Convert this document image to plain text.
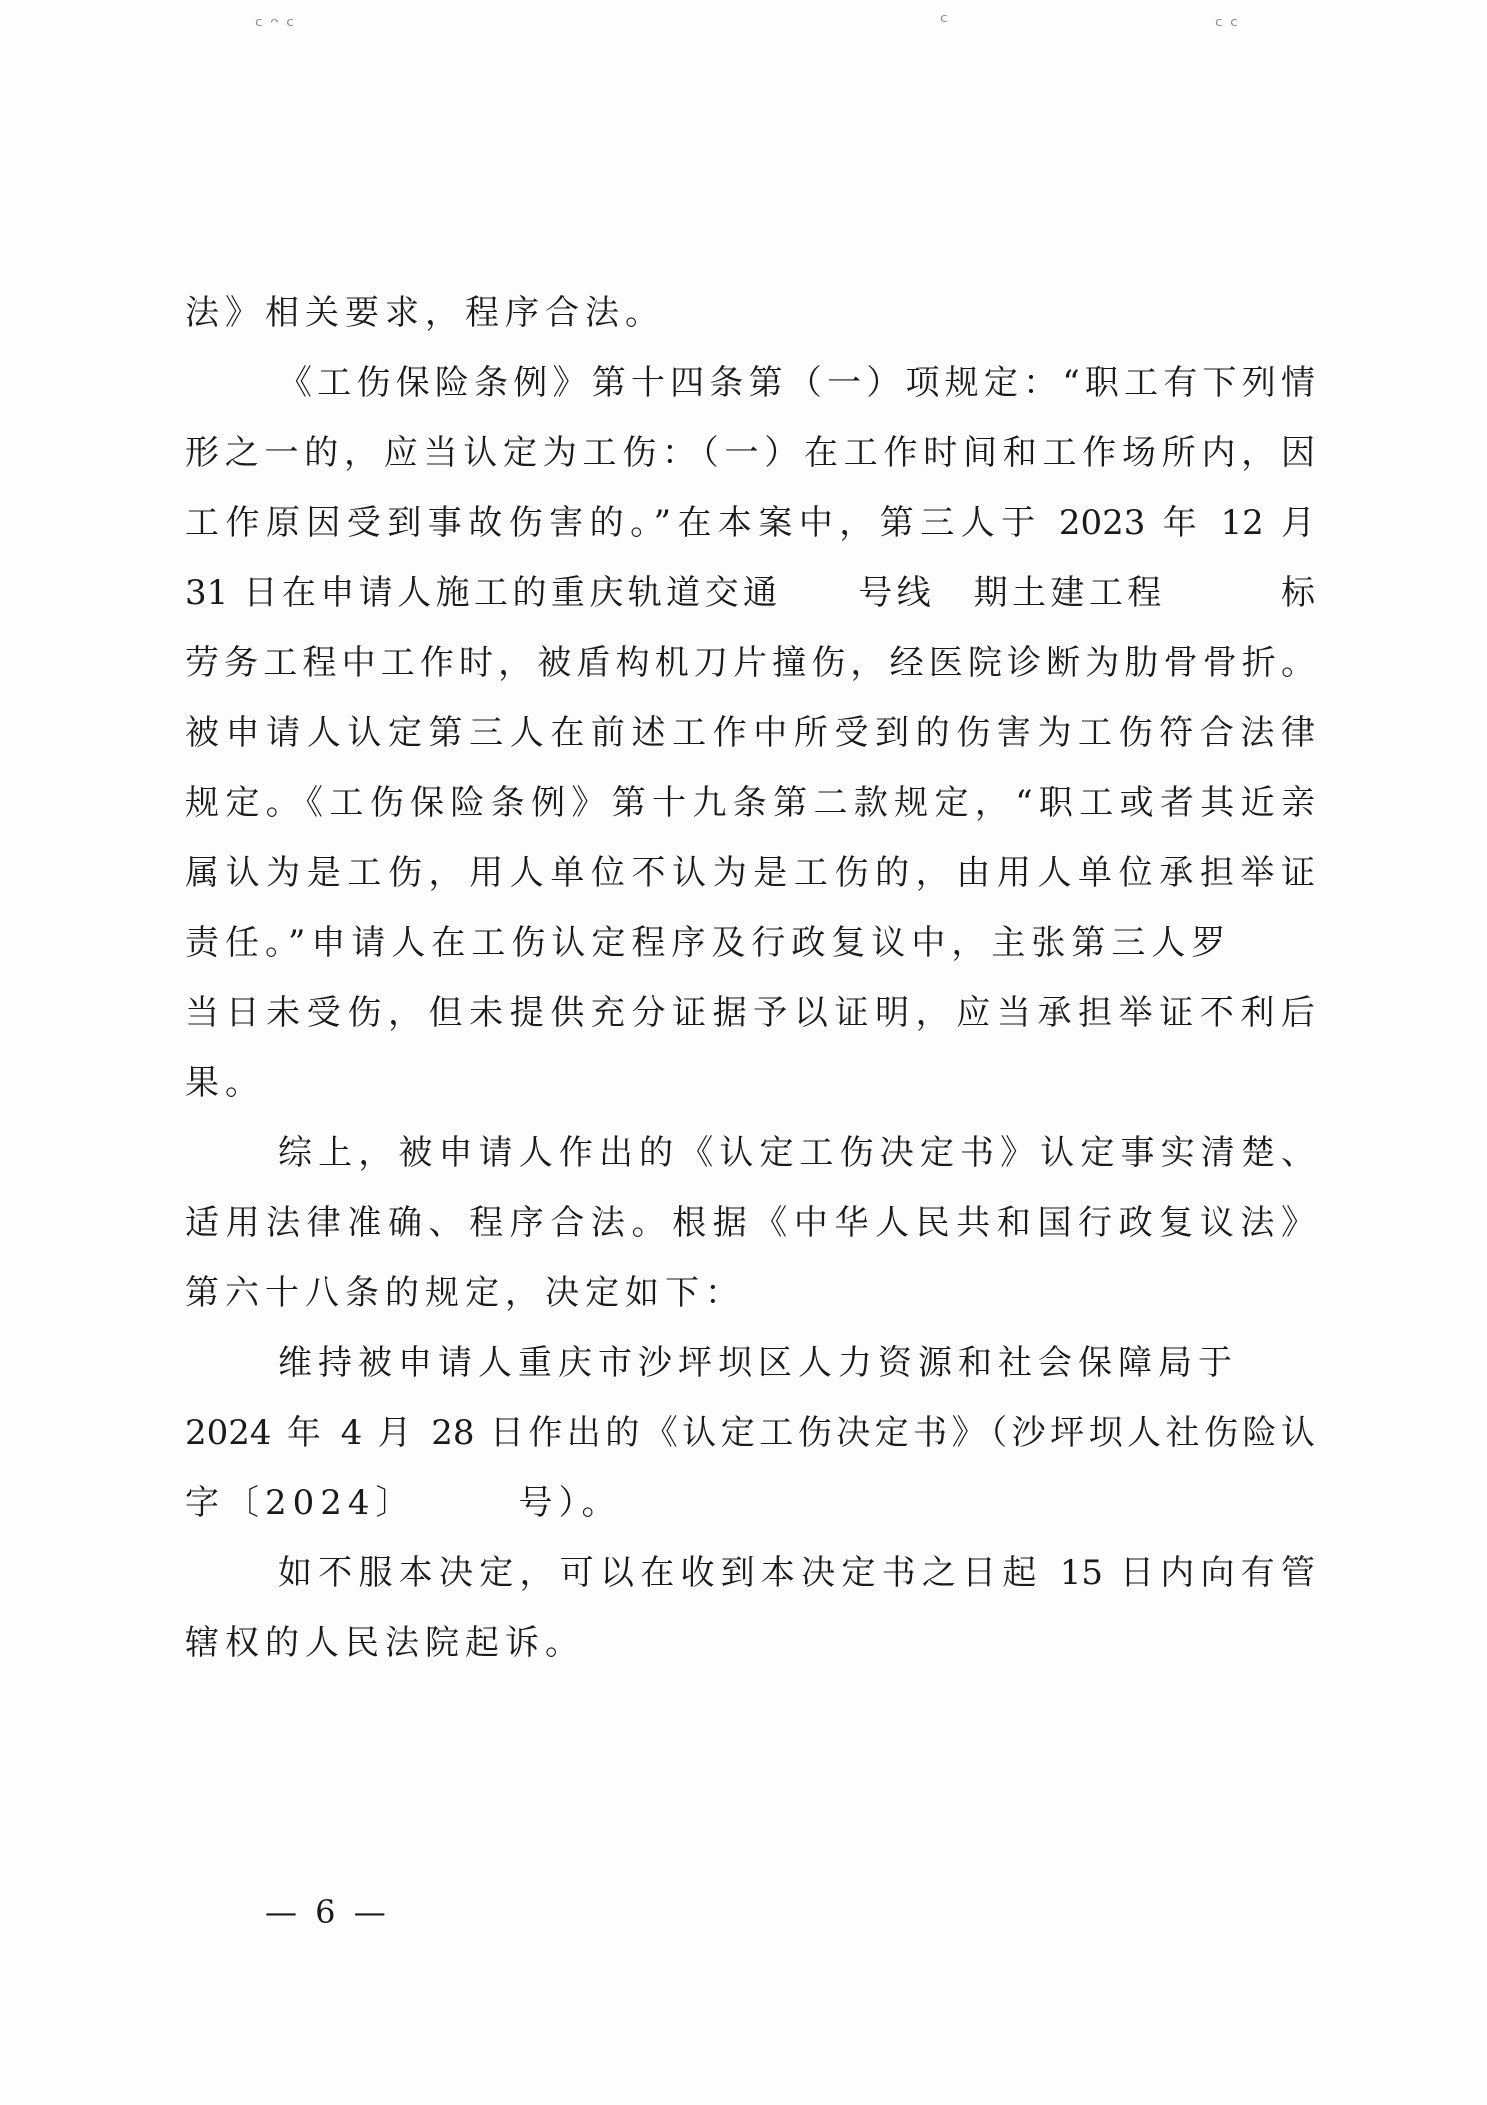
ᶜ ᵔ ᶜ	ᶜ	ᶜ ᶜ
法》相关要求，程序合法。
《工伤保险条例》第十四条第（一）项规定：“职工有下列情
形之一的，应当认定为工伤：（一）在工作时间和工作场所内，因
工作原因受到事故伤害的。”在本案中，第三人于 2023 年 12 月
31 日在申请人施工的重庆轨道交通　　号线　期土建工程　　　标
劳务工程中工作时，被盾构机刀片撞伤，经医院诊断为肋骨骨折。
被申请人认定第三人在前述工作中所受到的伤害为工伤符合法律
规定。《工伤保险条例》第十九条第二款规定，“职工或者其近亲
属认为是工伤，用人单位不认为是工伤的，由用人单位承担举证
责任。”申请人在工伤认定程序及行政复议中，主张第三人罗
当日未受伤，但未提供充分证据予以证明，应当承担举证不利后
果。
综上，被申请人作出的《认定工伤决定书》认定事实清楚、
适用法律准确、程序合法。根据《中华人民共和国行政复议法》
第六十八条的规定，决定如下：
维持被申请人重庆市沙坪坝区人力资源和社会保障局于
2024 年 4 月 28 日作出的《认定工伤决定书》（沙坪坝人社伤险认
字〔2024〕　　　号）。
如不服本决定，可以在收到本决定书之日起 15 日内向有管
辖权的人民法院起诉。
— 6 —
